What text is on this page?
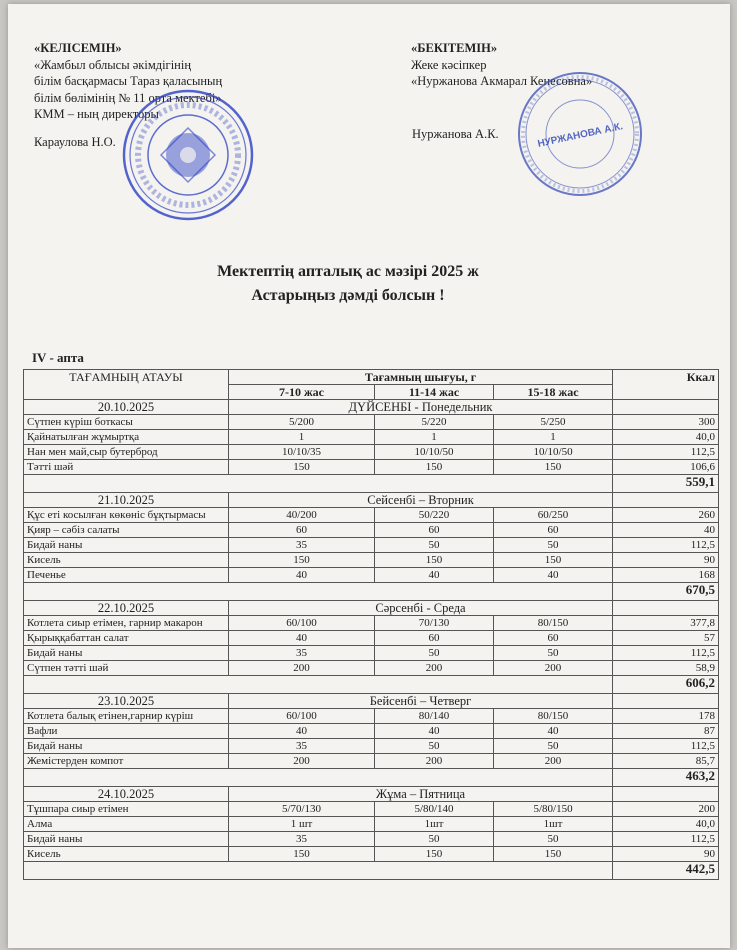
«КЕЛІСЕМІН»
«Жамбыл облысы әкімдігінің
білім басқармасы Тараз қаласының
білім бөлімінің № 11 орта мектебі»
КММ – ның директоры
Караулова Н.О.
«БЕКІТЕМІН»
Жеке кәсіпкер
«Нуржанова Акмарал Кенесовна»
Нуржанова А.К.	НУРЖАНОВА А.К.
Мектептің апталық ас мәзірі 2025 ж
Астарыңыз дәмді болсын !
IV - апта
ТАҒАМНЫҢ АТАУЫ	Тағамның шығуы, г			Ккал
	7-10 жас	11-14 жас	15-18 жас	
20.10.2025	ДҮЙСЕНБІ - Понедельник			
Сүтпен күріш боткасы	5/200	5/220	5/250	300
Қайнатылған жұмыртқа	1	1	1	40,0
Нан мен май,сыр бутерброд	10/10/35	10/10/50	10/10/50	112,5
Тәтті шәй	150	150	150	106,6
				559,1
21.10.2025	Сейсенбі – Вторник			
Құс еті косылған көкөніс бұқтырмасы	40/200	50/220	60/250	260
Қияр – сәбіз салаты	60	60	60	40
Бидай наны	35	50	50	112,5
Кисель	150	150	150	90
Печенье	40	40	40	168
				670,5
22.10.2025	Сәрсенбі - Среда			
Котлета сиыр етімен, гарнир макарон	60/100	70/130	80/150	377,8
Қырыққабаттан салат	40	60	60	57
Бидай наны	35	50	50	112,5
Сүтпен тәтті шәй	200	200	200	58,9
				606,2
23.10.2025	Бейсенбі – Четверг			
Котлета балық етінен,гарнир күріш	60/100	80/140	80/150	178
Вафли	40	40	40	87
Бидай наны	35	50	50	112,5
Жемістерден компот	200	200	200	85,7
				463,2
24.10.2025	Жұма – Пятница			
Тұшпара сиыр етімен	5/70/130	5/80/140	5/80/150	200
Алма	1 шт	1шт	1шт	40,0
Бидай наны	35	50	50	112,5
Кисель	150	150	150	90
				442,5
